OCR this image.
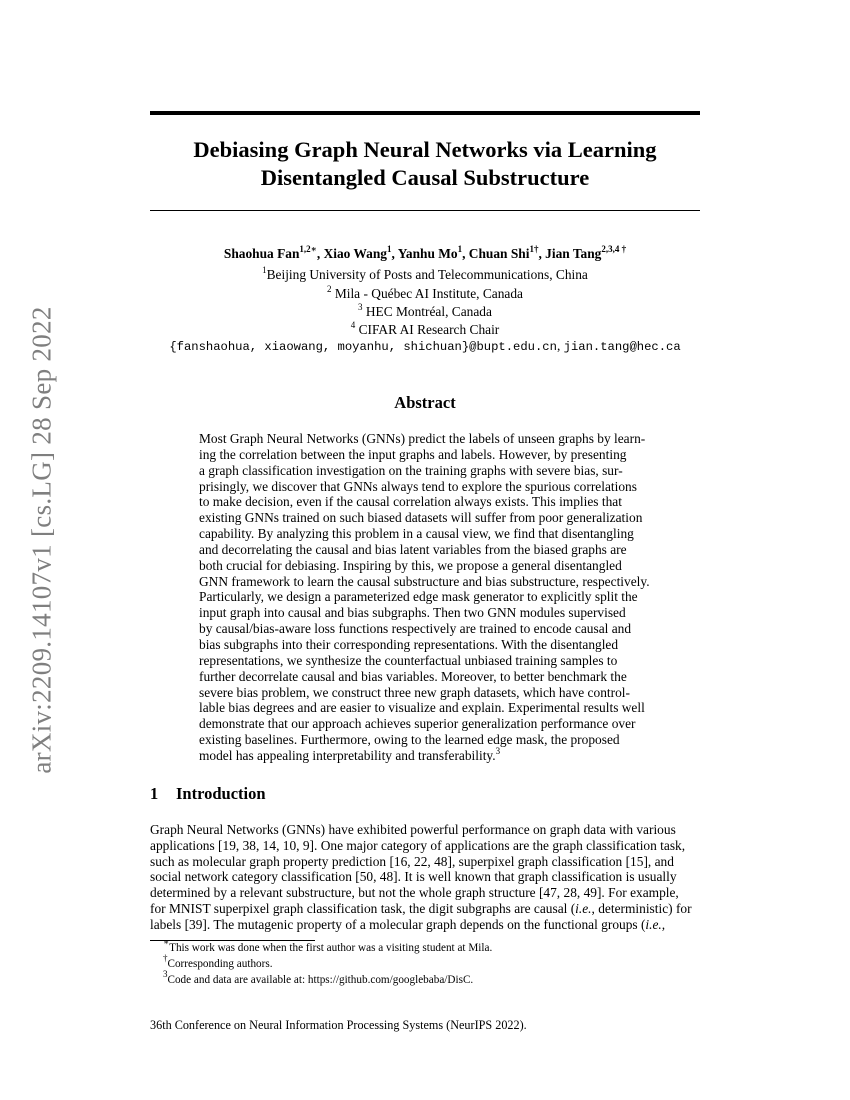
arXiv:2209.14107v1 [cs.LG] 28 Sep 2022
Debiasing Graph Neural Networks via Learning
Disentangled Causal Substructure
Shaohua Fan$^{1,2∗}$, Xiao Wang$^1$, Yanhu Mo$^1$, Chuan Shi$^{1\dagger}$, Jian Tang$^{2,3,4 \dagger}$
$^1$Beijing University of Posts and Telecommunications, China
$^2$ Mila - Québec AI Institute, Canada
$^3$ HEC Montréal, Canada
$^4$ CIFAR AI Research Chair
{fanshaohua, xiaowang, moyanhu, shichuan}@bupt.edu.cn, jian.tang@hec.ca
Abstract
Most Graph Neural Networks (GNNs) predict the labels of unseen graphs by learn-
ing the correlation between the input graphs and labels. However, by presenting
a graph classification investigation on the training graphs with severe bias, sur-
prisingly, we discover that GNNs always tend to explore the spurious correlations
to make decision, even if the causal correlation always exists. This implies that
existing GNNs trained on such biased datasets will suffer from poor generalization
capability. By analyzing this problem in a causal view, we find that disentangling
and decorrelating the causal and bias latent variables from the biased graphs are
both crucial for debiasing. Inspiring by this, we propose a general disentangled
GNN framework to learn the causal substructure and bias substructure, respectively.
Particularly, we design a parameterized edge mask generator to explicitly split the
input graph into causal and bias subgraphs. Then two GNN modules supervised
by causal/bias-aware loss functions respectively are trained to encode causal and
bias subgraphs into their corresponding representations. With the disentangled
representations, we synthesize the counterfactual unbiased training samples to
further decorrelate causal and bias variables. Moreover, to better benchmark the
severe bias problem, we construct three new graph datasets, which have control-
lable bias degrees and are easier to visualize and explain. Experimental results well
demonstrate that our approach achieves superior generalization performance over
existing baselines. Furthermore, owing to the learned edge mask, the proposed
model has appealing interpretability and transferability.$^3$
1 Introduction
Graph Neural Networks (GNNs) have exhibited powerful performance on graph data with various
applications [19, 38, 14, 10, 9]. One major category of applications are the graph classification task,
such as molecular graph property prediction [16, 22, 48], superpixel graph classification [15], and
social network category classification [50, 48]. It is well known that graph classification is usually
determined by a relevant substructure, but not the whole graph structure [47, 28, 49]. For example,
for MNIST superpixel graph classification task, the digit subgraphs are causal (i.e., deterministic) for
labels [39]. The mutagenic property of a molecular graph depends on the functional groups (i.e.,
∗This work was done when the first author was a visiting student at Mila.
†Corresponding authors.
$^3$Code and data are available at: https://github.com/googlebaba/DisC.
36th Conference on Neural Information Processing Systems (NeurIPS 2022).
